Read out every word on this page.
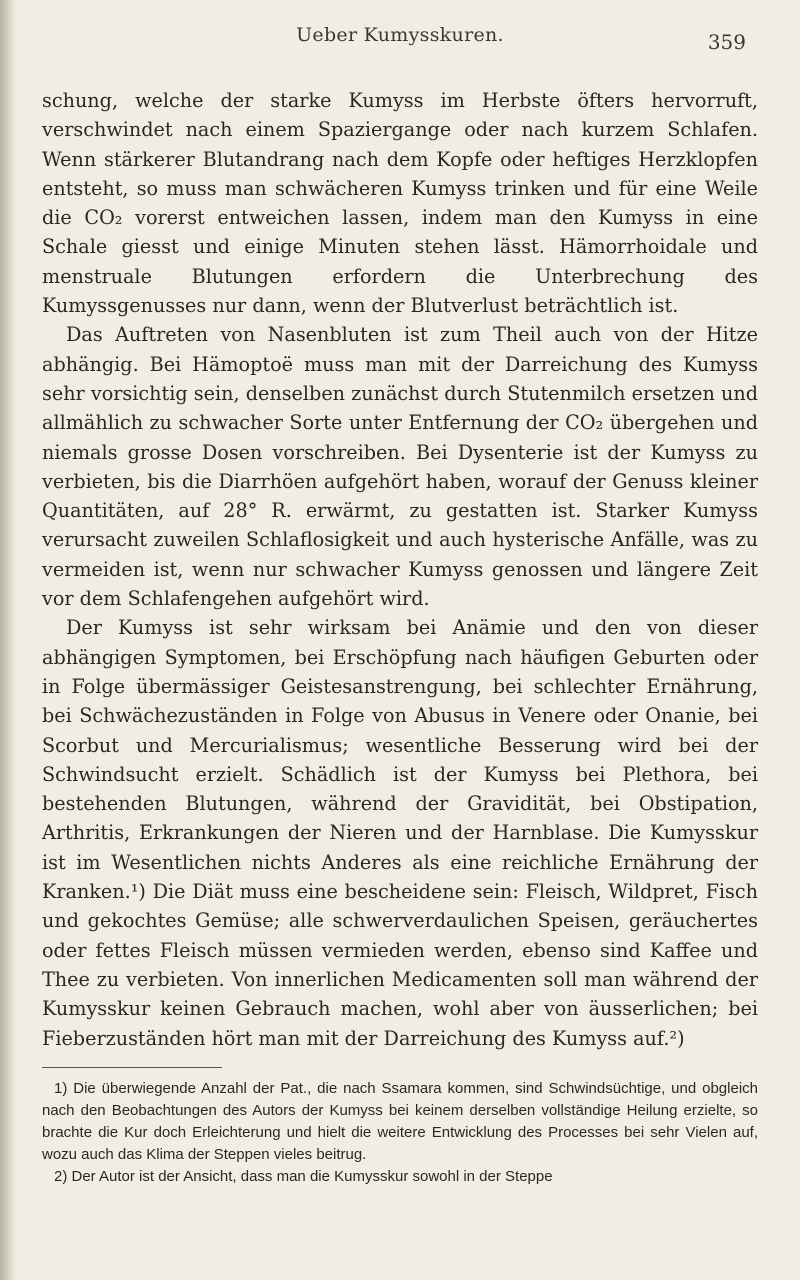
Ueber Kumysskuren.	359

schung, welche der starke Kumyss im Herbste öfters hervorruft, verschwindet nach einem Spaziergange oder nach kurzem Schlafen. Wenn stärkerer Blutandrang nach dem Kopfe oder heftiges Herzklopfen entsteht, so muss man schwächeren Kumyss trinken und für eine Weile die CO₂ vorerst entweichen lassen, indem man den Kumyss in eine Schale giesst und einige Minuten stehen lässt. Hämorrhoidale und menstruale Blutungen erfordern die Unterbrechung des Kumyssgenusses nur dann, wenn der Blutverlust beträchtlich ist.

Das Auftreten von Nasenbluten ist zum Theil auch von der Hitze abhängig. Bei Hämoptoë muss man mit der Darreichung des Kumyss sehr vorsichtig sein, denselben zunächst durch Stutenmilch ersetzen und allmählich zu schwacher Sorte unter Entfernung der CO₂ übergehen und niemals grosse Dosen vorschreiben. Bei Dysenterie ist der Kumyss zu verbieten, bis die Diarrhöen aufgehört haben, worauf der Genuss kleiner Quantitäten, auf 28° R. erwärmt, zu gestatten ist. Starker Kumyss verursacht zuweilen Schlaflosigkeit und auch hysterische Anfälle, was zu vermeiden ist, wenn nur schwacher Kumyss genossen und längere Zeit vor dem Schlafengehen aufgehört wird.

Der Kumyss ist sehr wirksam bei Anämie und den von dieser abhängigen Symptomen, bei Erschöpfung nach häufigen Geburten oder in Folge übermässiger Geistesanstrengung, bei schlechter Ernährung, bei Schwächezuständen in Folge von Abusus in Venere oder Onanie, bei Scorbut und Mercurialismus; wesentliche Besserung wird bei der Schwindsucht erzielt. Schädlich ist der Kumyss bei Plethora, bei bestehenden Blutungen, während der Gravidität, bei Obstipation, Arthritis, Erkrankungen der Nieren und der Harnblase. Die Kumysskur ist im Wesentlichen nichts Anderes als eine reichliche Ernährung der Kranken.¹) Die Diät muss eine bescheidene sein: Fleisch, Wildpret, Fisch und gekochtes Gemüse; alle schwerverdaulichen Speisen, geräuchertes oder fettes Fleisch müssen vermieden werden, ebenso sind Kaffee und Thee zu verbieten. Von innerlichen Medicamenten soll man während der Kumysskur keinen Gebrauch machen, wohl aber von äusserlichen; bei Fieberzuständen hört man mit der Darreichung des Kumyss auf.²)

1) Die überwiegende Anzahl der Pat., die nach Ssamara kommen, sind Schwindsüchtige, und obgleich nach den Beobachtungen des Autors der Kumyss bei keinem derselben vollständige Heilung erzielte, so brachte die Kur doch Erleichterung und hielt die weitere Entwicklung des Processes bei sehr Vielen auf, wozu auch das Klima der Steppen vieles beitrug.

2) Der Autor ist der Ansicht, dass man die Kumysskur sowohl in der Steppe
